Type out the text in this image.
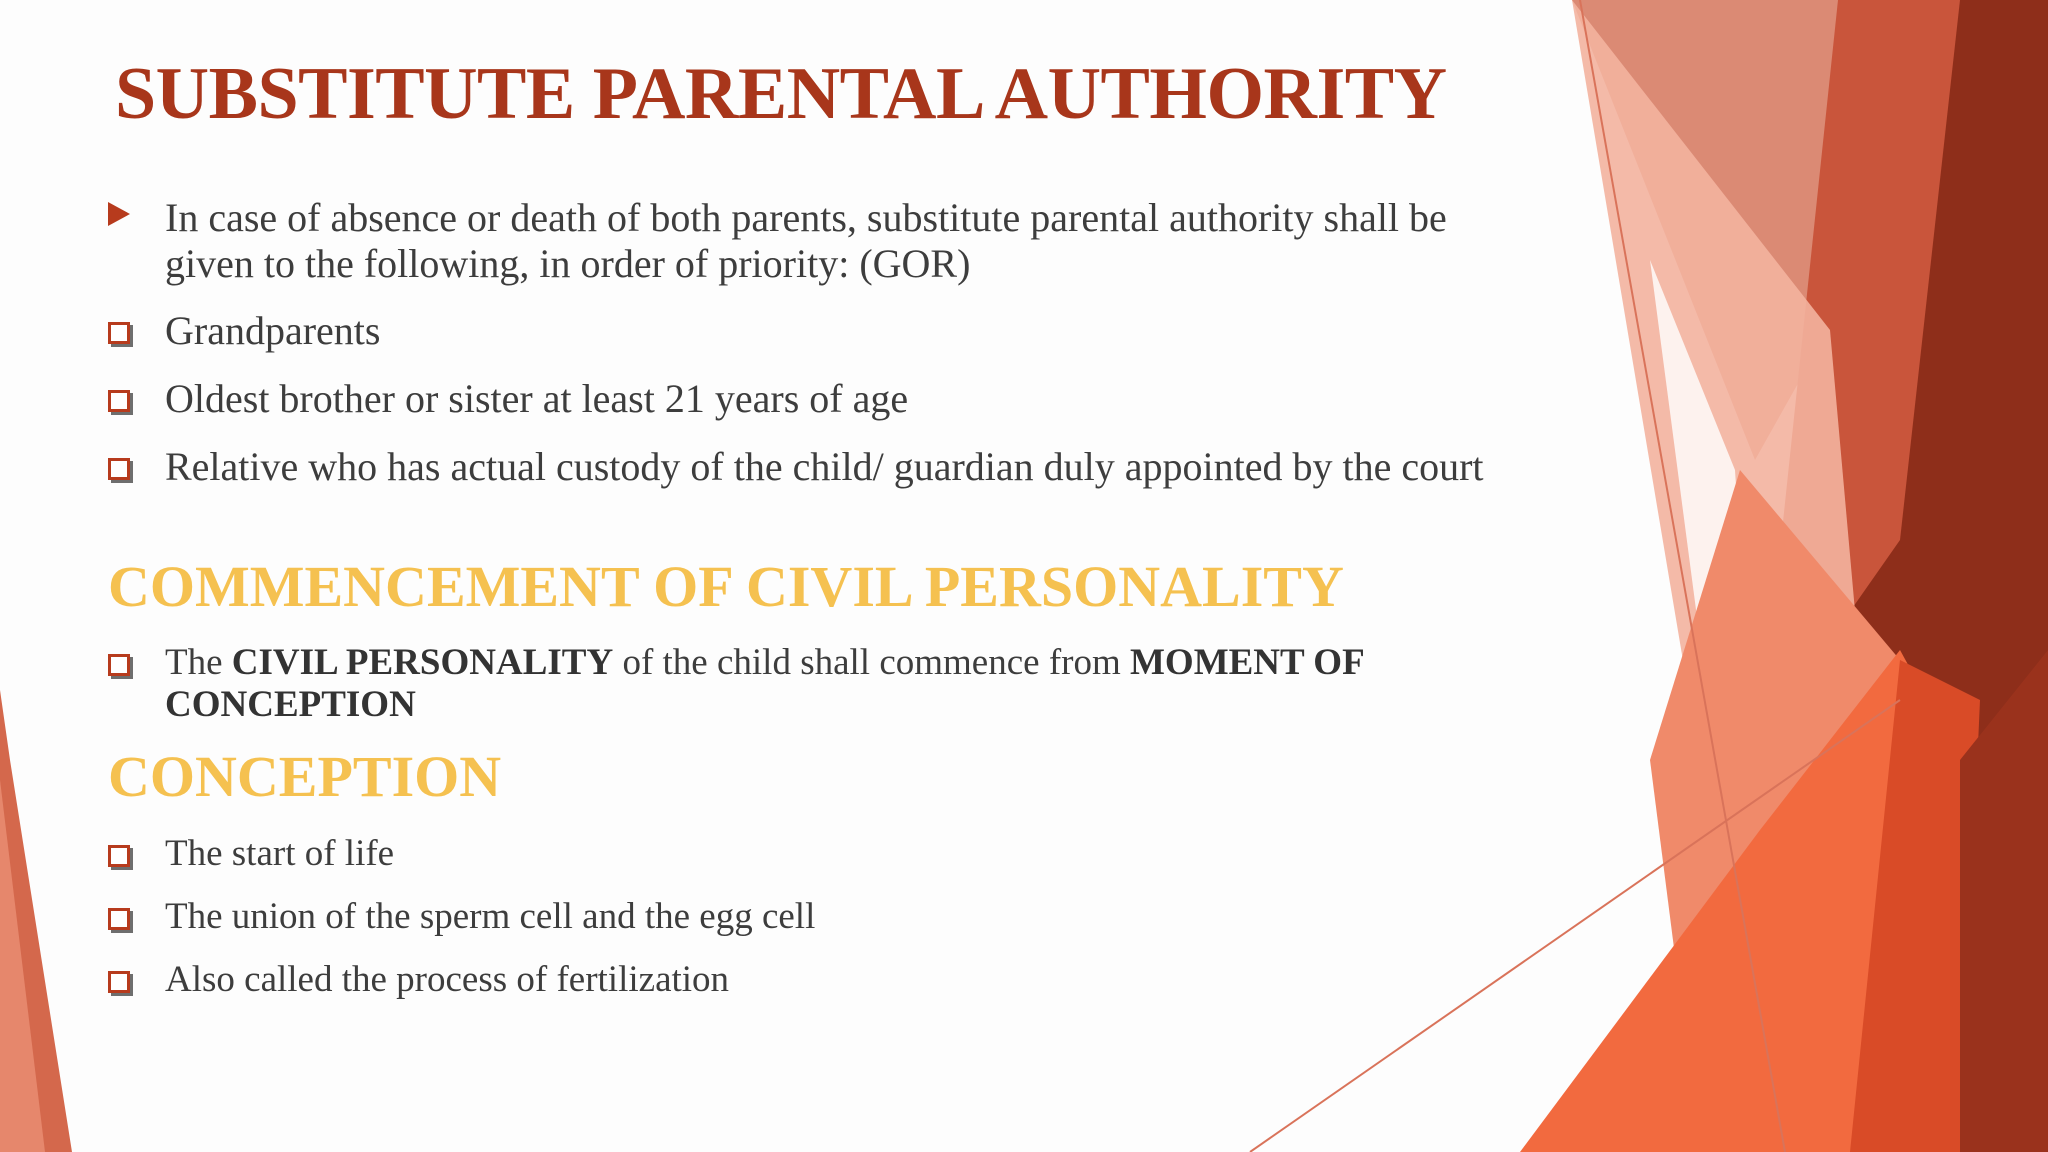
SUBSTITUTE PARENTAL AUTHORITY
In case of absence or death of both parents, substitute parental authority shall be given to the following, in order of priority: (GOR)
Grandparents
Oldest brother or sister at least 21 years of age
Relative who has actual custody of the child/ guardian duly appointed by the court
COMMENCEMENT OF CIVIL PERSONALITY
The CIVIL PERSONALITY of the child shall commence from MOMENT OF CONCEPTION
CONCEPTION
The start of life
The union of the sperm cell and the egg cell
Also called the process of fertilization
